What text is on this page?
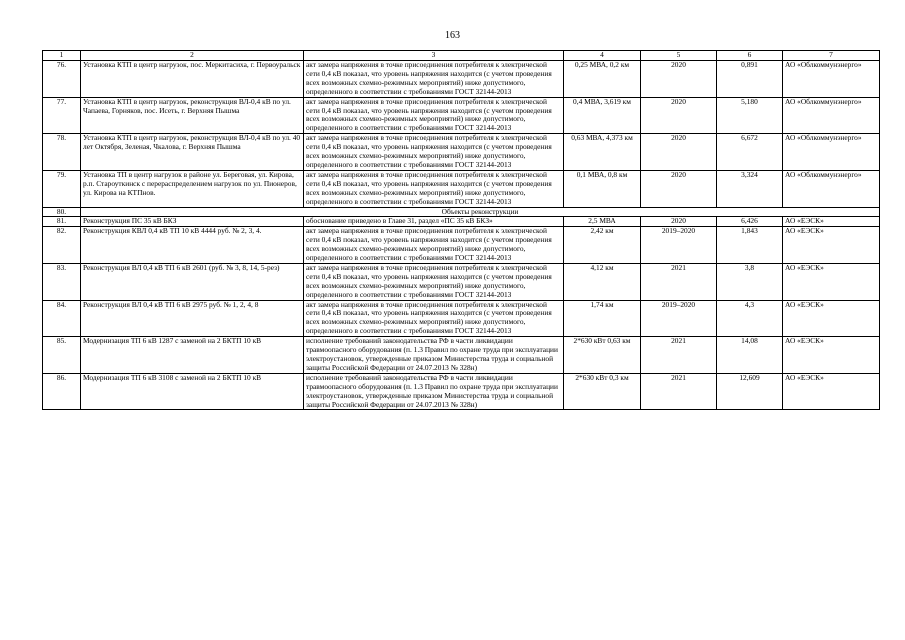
163
1	2	3	4	5	6	7
76.	Установка КТП в центр нагрузок, пос. Меркитасиха, г. Первоуральск	акт замера напряжения в точке присоединения потребителя к электрической сети 0,4 кВ показал, что уровень напряжения находится (с учетом проведения всех возможных схемно-режимных мероприятий) ниже допустимого, определенного в соответствии с требованиями ГОСТ 32144-2013	0,25 МВА, 0,2 км	2020	0,891	АО «Облкоммунэнерго»
77.	Установка КТП в центр нагрузок, реконструкция ВЛ-0,4 кВ по ул. Чапаева, Горняков, пос. Исеть, г. Верхняя Пышма	акт замера напряжения в точке присоединения потребителя к электрической сети 0,4 кВ показал, что уровень напряжения находится (с учетом проведения всех возможных схемно-режимных мероприятий) ниже допустимого, определенного в соответствии с требованиями ГОСТ 32144-2013	0,4 МВА, 3,619 км	2020	5,180	АО «Облкоммунэнерго»
78.	Установка КТП в центр нагрузок, реконструкция ВЛ-0,4 кВ по ул. 40 лет Октября, Зеленая, Чкалова, г. Верхняя Пышма	акт замера напряжения в точке присоединения потребителя к электрической сети 0,4 кВ показал, что уровень напряжения находится (с учетом проведения всех возможных схемно-режимных мероприятий) ниже допустимого, определенного в соответствии с требованиями ГОСТ 32144-2013	0,63 МВА, 4,373 км	2020	6,672	АО «Облкоммунэнерго»
79.	Установка ТП в центр нагрузок в районе ул. Береговая, ул. Кирова, р.п. Староуткинск с перераспределением нагрузок по ул. Пионеров, ул. Кирова на КТПнов.	акт замера напряжения в точке присоединения потребителя к электрической сети 0,4 кВ показал, что уровень напряжения находится (с учетом проведения всех возможных схемно-режимных мероприятий) ниже допустимого, определенного в соответствии с требованиями ГОСТ 32144-2013	0,1 МВА, 0,8 км	2020	3,324	АО «Облкоммунэнерго»
80.	Объекты реконструкции					
81.	Реконструкция ПС 35 кВ БКЗ	обоснование приведено в Главе 31, раздел «ПС 35 кВ БКЗ»	2,5 МВА	2020	6,426	АО «ЕЭСК»
82.	Реконструкция КВЛ 0,4 кВ ТП 10 кВ 4444 руб. № 2, 3, 4.	акт замера напряжения в точке присоединения потребителя к электрической сети 0,4 кВ показал, что уровень напряжения находится (с учетом проведения всех возможных схемно-режимных мероприятий) ниже допустимого, определенного в соответствии с требованиями ГОСТ 32144-2013	2,42 км	2019–2020	1,843	АО «ЕЭСК»
83.	Реконструкция ВЛ 0,4 кВ ТП 6 кВ 2601 (руб. № 3, 8, 14, 5-рез)	акт замера напряжения в точке присоединения потребителя к электрической сети 0,4 кВ показал, что уровень напряжения находится (с учетом проведения всех возможных схемно-режимных мероприятий) ниже допустимого, определенного в соответствии с требованиями ГОСТ 32144-2013	4,12 км	2021	3,8	АО «ЕЭСК»
84.	Реконструкция ВЛ 0,4 кВ ТП 6 кВ 2975 руб. № 1, 2, 4, 8	акт замера напряжения в точке присоединения потребителя к электрической сети 0,4 кВ показал, что уровень напряжения находится (с учетом проведения всех возможных схемно-режимных мероприятий) ниже допустимого, определенного в соответствии с требованиями ГОСТ 32144-2013	1,74 км	2019–2020	4,3	АО «ЕЭСК»
85.	Модернизация ТП 6 кВ 1287 с заменой на 2 БКТП 10 кВ	исполнение требований законодательства РФ в части ликвидации травмоопасного оборудования (п. 1.3 Правил по охране труда при эксплуатации электроустановок, утвержденные приказом Министерства труда и социальной защиты Российской Федерации от 24.07.2013 № 328н)	2*630 кВт 0,63 км	2021	14,08	АО «ЕЭСК»
86.	Модернизация ТП 6 кВ 3108 с заменой на 2 БКТП 10 кВ	исполнение требований законодательства РФ в части ликвидации травмоопасного оборудования (п. 1.3 Правил по охране труда при эксплуатации электроустановок, утвержденные приказом Министерства труда и социальной защиты Российской Федерации от 24.07.2013 № 328н)	2*630 кВт 0,3 км	2021	12,609	АО «ЕЭСК»
